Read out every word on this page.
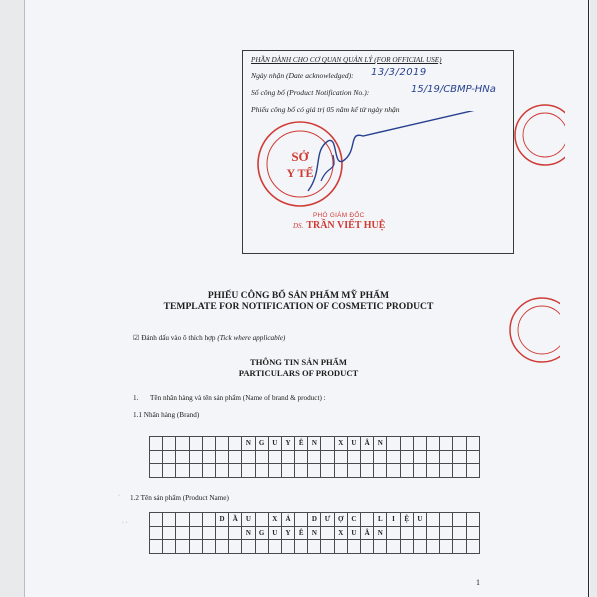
PHẦN DÀNH CHO CƠ QUAN QUẢN LÝ (FOR OFFICIAL USE)
Ngày nhận (Date acknowledged): 13/3/2019
Số công bố (Product Notification No.):	15/19/CBMP-HNa
Phiếu công bố có giá trị 05 năm kể từ ngày nhận
SỞ
Y TẾ
PHÓ GIÁM ĐỐC
DS. TRẦN VIẾT HUỆ
PHIẾU CÔNG BỐ SẢN PHẨM MỸ PHẨM
TEMPLATE FOR NOTIFICATION OF COSMETIC PRODUCT
☑ Đánh dấu vào ô thích hợp (Tick where applicable)
THÔNG TIN SẢN PHẨM
PARTICULARS OF PRODUCT
1. Tên nhãn hàng và tên sản phẩm (Name of brand & product) :
1.1 Nhãn hàng (Brand)
							N	G	U	Y	Ê	N		X	U	Â	N							

· 1.2 Tên sản phẩm (Product Name)
· ·
						D	Ầ	U		X	Ả		D	Ư	Ợ	C		L	I	Ệ	U				
							N	G	U	Y	Ê	N		X	U	Â	N							

1
